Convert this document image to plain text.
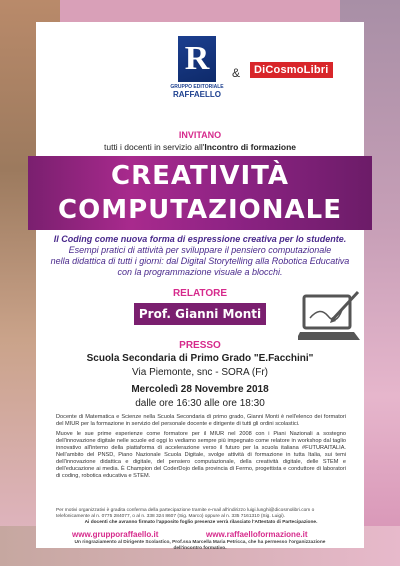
R
GRUPPO EDITORIALE
RAFFAELLO
&	DiCosmoLibri
INVITANO
tutti i docenti in servizio all'Incontro di formazione
CREATIVITÀ
COMPUTAZIONALE
Il Coding come nuova forma di espressione creativa per lo studente.
Esempi pratici di attività per sviluppare il pensiero computazionale
nella didattica di tutti i giorni: dal Digital Storytelling alla Robotica Educativa
con la programmazione visuale a blocchi.
RELATORE
Prof. Gianni Monti
PRESSO
Scuola Secondaria di Primo Grado "E.Facchini"
Via Piemonte, snc - SORA (Fr)
Mercoledì 28 Novembre 2018
dalle ore 16:30 alle ore 18:30

Docente di Matematica e Scienze nella Scuola Secondaria di primo grado, Gianni Monti è nell'elenco dei formatori del MIUR per la formazione in servizio del personale docente e dirigente di tutti gli ordini scolastici.

Muove le sue prime esperienze come formatore per il MIUR nel 2008 con i Piani Nazionali a sostegno dell'innovazione digitale nelle scuole ed oggi lo vediamo sempre più impegnato come relatore in workshop dal taglio innovativo all'interno della piattaforma di accelerazione verso il futuro per la scuola italiana #FUTURAITALIA. Nell'ambito del PNSD, Piano Nazionale Scuola Digitale, svolge attività di formazione in tutta Italia, sui temi dell'innovazione didattica e digitale, del pensiero computazionale, della creatività digitale, delle STEM e dell'educazione ai media. È Champion del CoderDojo della provincia di Fermo, progettista e conduttore di laboratori di coding, robotica educativa e STEM.

Per motivi organizzativi è gradita conferma della partecipazione tramite e-mail all'indirizzo luigi.lunghi@dicosmolibri.com o telefonicamente al n. 0775 284077, o al n. 338 324 8607 (Sig. Marco) oppure al n. 335 7161310 (Sig. Luigi).
Ai docenti che avranno firmato l'apposito foglio presenze verrà rilasciato l'Attestato di Partecipazione.
www.grupporaffaello.it	www.raffaelloformazione.it
Un ringraziamento al Dirigente Scolastico, Prof.ssa Marcella Maria Petricca, che ha permesso l'organizzazione dell'incontro formativo.
